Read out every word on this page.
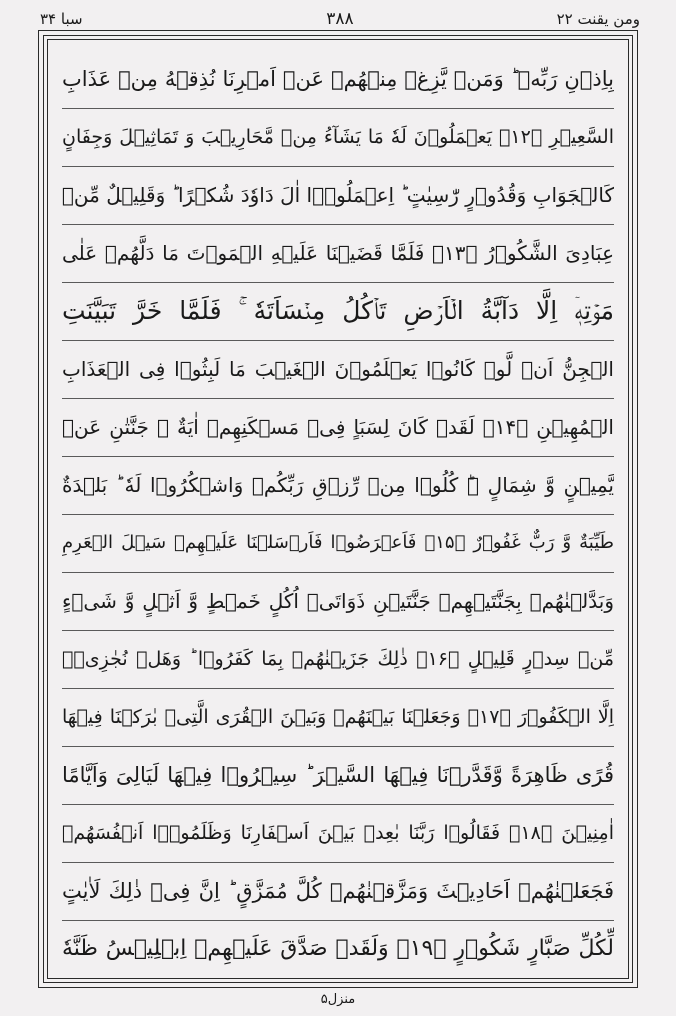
ومن یقنت ۲۲
۳۸۸
سبا ۳۴
بِاِذۡنِ رَبِّهٖ ؕ وَمَنۡ یَّزِغۡ مِنۡهُمۡ عَنۡ اَمۡرِنَا نُذِقۡهُ مِنۡ عَذَابِ
السَّعِیۡرِ ﴿۱۲﴾ یَعۡمَلُوۡنَ لَهٗ مَا یَشَآءُ مِنۡ مَّحَارِیۡبَ وَ تَمَاثِیۡلَ وَجِفَانٍ
كَالۡجَوَابِ وَقُدُوۡرٍ رّٰسِیٰتٍ ؕ اِعۡمَلُوۡۤا اٰلَ دَاوٗدَ شُكۡرًا ؕ وَقَلِیۡلٌ مِّنۡ
عِبَادِیَ الشَّكُوۡرُ ﴿۱۳﴾ فَلَمَّا قَضَیۡنَا عَلَیۡهِ الۡمَوۡتَ مَا دَلَّهُمۡ عَلٰی
مَوۡتِهٖۤ اِلَّا دَآبَّةُ الۡاَرۡضِ تَاۡكُلُ مِنۡسَاَتَهٗ ۚ فَلَمَّا خَرَّ تَبَیَّنَتِ
الۡجِنُّ اَنۡ لَّوۡ كَانُوۡا یَعۡلَمُوۡنَ الۡغَیۡبَ مَا لَبِثُوۡا فِی الۡعَذَابِ
الۡمُهِیۡنِ ﴿۱۴﴾ لَقَدۡ كَانَ لِسَبَاٍ فِیۡ مَسۡكَنِهِمۡ اٰیَةٌ ۚ جَنَّتٰنِ عَنۡ
یَّمِیۡنٍ وَّ شِمَالٍ ۬ؕ كُلُوۡا مِنۡ رِّزۡقِ رَبِّكُمۡ وَاشۡكُرُوۡا لَهٗ ؕ بَلۡدَةٌ
طَیِّبَةٌ وَّ رَبٌّ غَفُوۡرٌ ﴿۱۵﴾ فَاَعۡرَضُوۡا فَاَرۡسَلۡنَا عَلَیۡهِمۡ سَیۡلَ الۡعَرِمِ
وَبَدَّلۡنٰهُمۡ بِجَنَّتَیۡهِمۡ جَنَّتَیۡنِ ذَوَاتَیۡ اُكُلٍ خَمۡطٍ وَّ اَثۡلٍ وَّ شَیۡءٍ
مِّنۡ سِدۡرٍ قَلِیۡلٍ ﴿۱۶﴾ ذٰلِكَ جَزَیۡنٰهُمۡ بِمَا كَفَرُوۡا ؕ وَهَلۡ نُجٰزِیۡۤ
اِلَّا الۡكَفُوۡرَ ﴿۱۷﴾ وَجَعَلۡنَا بَیۡنَهُمۡ وَبَیۡنَ الۡقُرَی الَّتِیۡ بٰرَكۡنَا فِیۡهَا
قُرًی ظَاهِرَةً وَّقَدَّرۡنَا فِیۡهَا السَّیۡرَ ؕ سِیۡرُوۡا فِیۡهَا لَیَالِیَ وَاَیَّامًا
اٰمِنِیۡنَ ﴿۱۸﴾ فَقَالُوۡا رَبَّنَا بٰعِدۡ بَیۡنَ اَسۡفَارِنَا وَظَلَمُوۡۤا اَنۡفُسَهُمۡ
فَجَعَلۡنٰهُمۡ اَحَادِیۡثَ وَمَزَّقۡنٰهُمۡ كُلَّ مُمَزَّقٍ ؕ اِنَّ فِیۡ ذٰلِكَ لَاٰیٰتٍ
لِّكُلِّ صَبَّارٍ شَكُوۡرٍ ﴿۱۹﴾ وَلَقَدۡ صَدَّقَ عَلَیۡهِمۡ اِبۡلِیۡسُ ظَنَّهٗ
منزل۵
